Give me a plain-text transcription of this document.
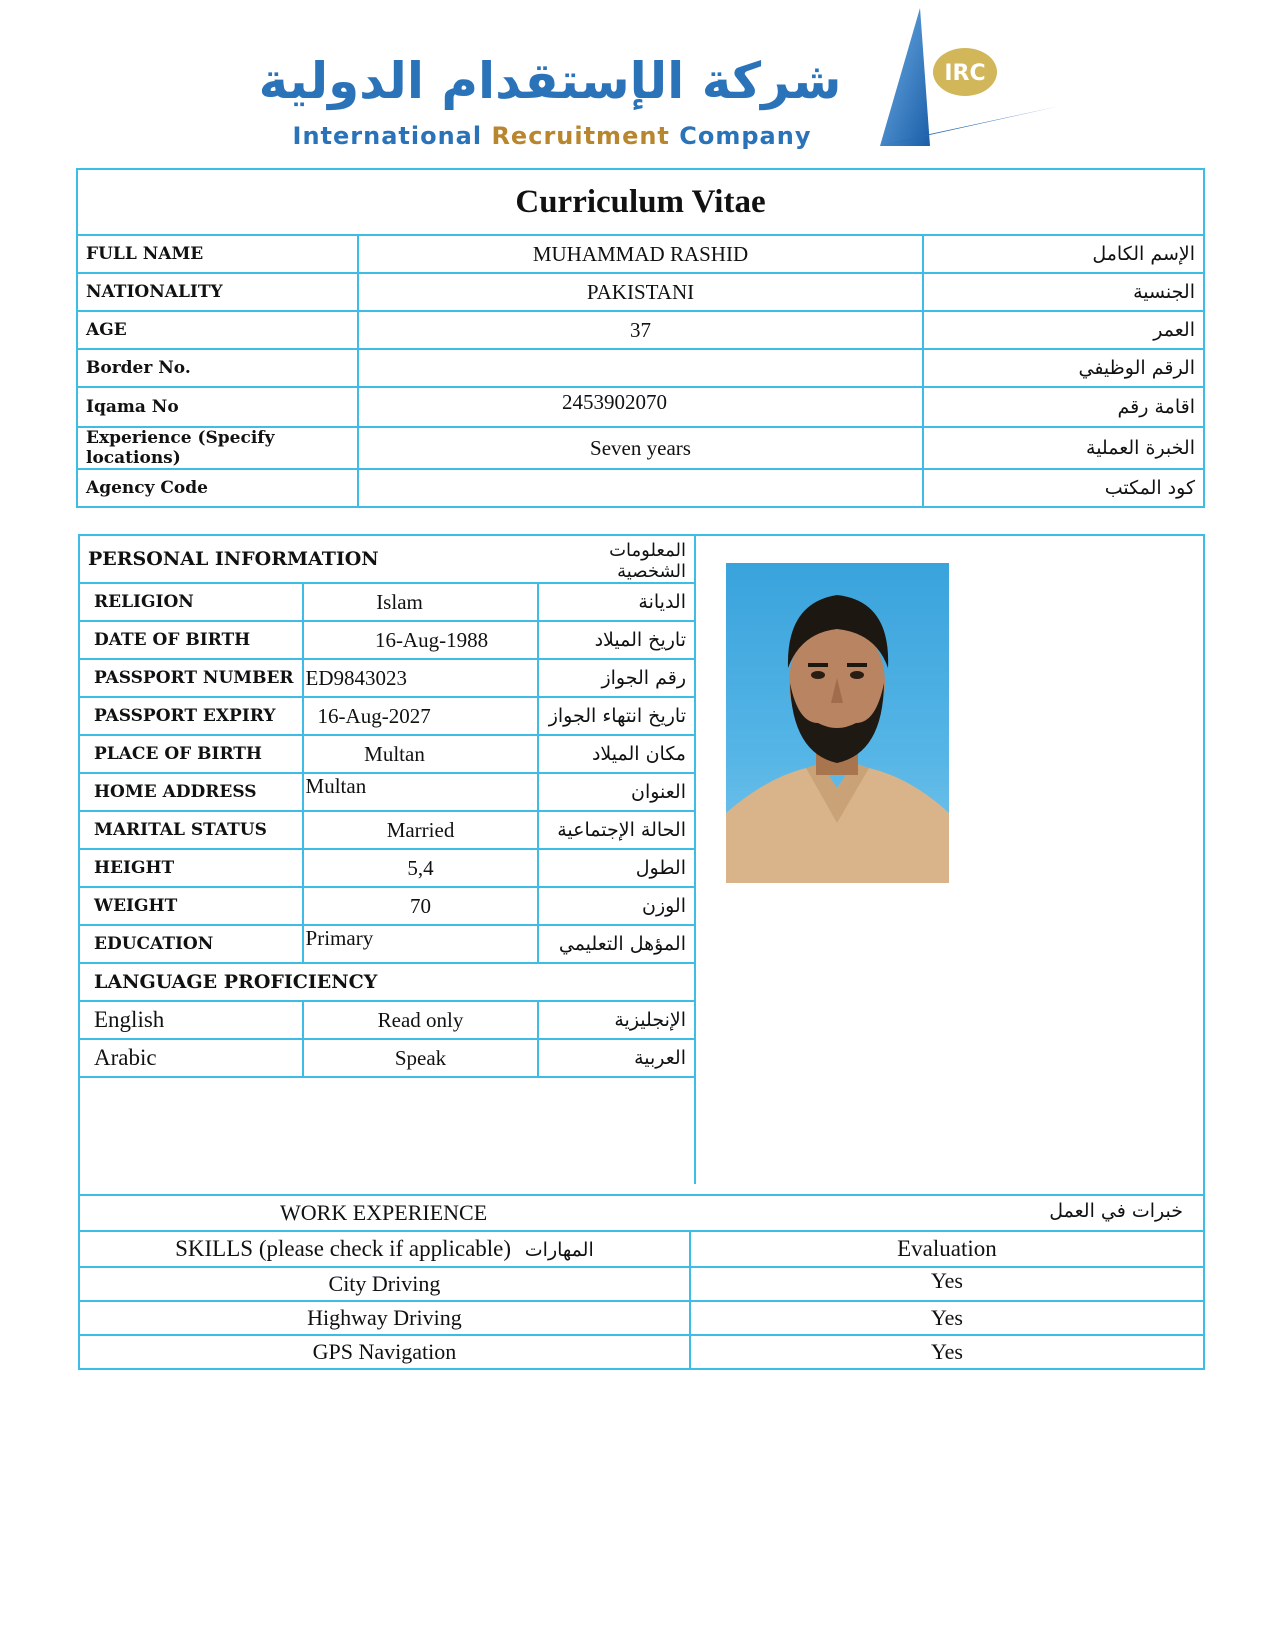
شركة الإستقدام الدولية
International Recruitment Company
IRC
Curriculum Vitae		
FULL NAME	MUHAMMAD RASHID	الإسم الكامل
NATIONALITY	PAKISTANI	الجنسية
AGE	37	العمر
Border No.		الرقم الوظيفي
Iqama No	2453902070	اقامة رقم
Experience (Specify locations)	Seven years	الخبرة العملية
Agency Code		كود المكتب
PERSONAL INFORMATION		المعلومات الشخصية
RELIGION	Islam	الديانة
DATE OF BIRTH	16-Aug-1988	تاريخ الميلاد
PASSPORT NUMBER	ED9843023	رقم الجواز
PASSPORT EXPIRY	16-Aug-2027	تاريخ انتهاء الجواز
PLACE OF BIRTH	Multan	مكان الميلاد
HOME ADDRESS	Multan	العنوان
MARITAL STATUS	Married	الحالة الإجتماعية
HEIGHT	5,4	الطول
WEIGHT	70	الوزن
EDUCATION	Primary	المؤهل التعليمي
LANGUAGE PROFICIENCY		
English	Read only	الإنجليزية
Arabic	Speak	العربية

WORK EXPERIENCE خبرات في العمل	

SKILLS (please check if applicable) المهارات	Evaluation
City Driving	Yes
Highway Driving	Yes
GPS Navigation	Yes
